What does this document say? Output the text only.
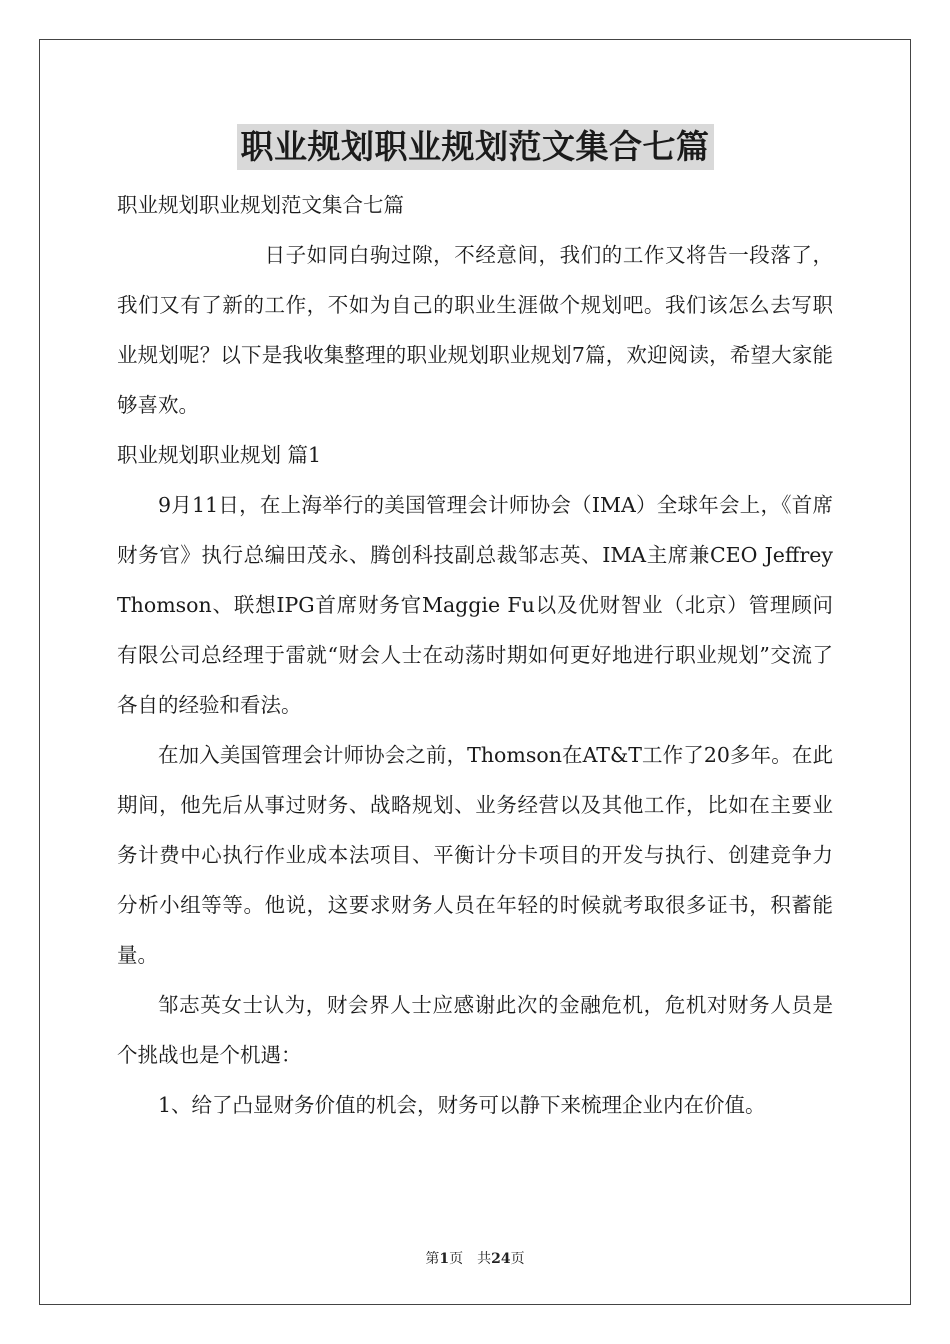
职业规划职业规划范文集合七篇

职业规划职业规划范文集合七篇

日子如同白驹过隙，不经意间，我们的工作又将告一段落了，我们又有了新的工作，不如为自己的职业生涯做个规划吧。我们该怎么去写职业规划呢？以下是我收集整理的职业规划职业规划7篇，欢迎阅读，希望大家能够喜欢。

职业规划职业规划 篇1

9月11日，在上海举行的美国管理会计师协会（IMA）全球年会上，《首席财务官》执行总编田茂永、腾创科技副总裁邹志英、IMA主席兼CEO Jeffrey Thomson、联想IPG首席财务官Maggie Fu以及优财智业（北京）管理顾问有限公司总经理于雷就“财会人士在动荡时期如何更好地进行职业规划”交流了各自的经验和看法。

在加入美国管理会计师协会之前，Thomson在AT&T工作了20多年。在此期间，他先后从事过财务、战略规划、业务经营以及其他工作，比如在主要业务计费中心执行作业成本法项目、平衡计分卡项目的开发与执行、创建竞争力分析小组等等。他说，这要求财务人员在年轻的时候就考取很多证书，积蓄能量。

邹志英女士认为，财会界人士应感谢此次的金融危机，危机对财务人员是个挑战也是个机遇：

1、给了凸显财务价值的机会，财务可以静下来梳理企业内在价值。

第1页 共24页
